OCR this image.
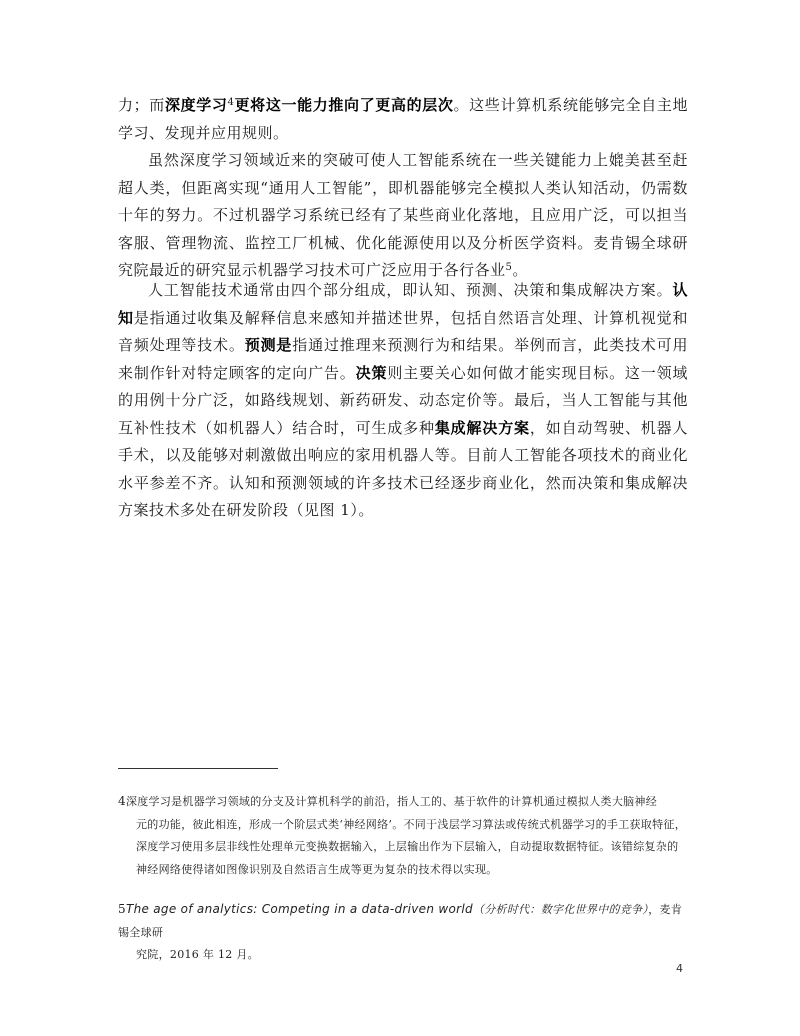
力；而深度学习$^4$更将这一能力推向了更高的层次。这些计算机系统能够完全自主地学习、发现并应用规则。

虽然深度学习领域近来的突破可使人工智能系统在一些关键能力上媲美甚至赶超人类，但距离实现“通用人工智能”，即机器能够完全模拟人类认知活动，仍需数十年的努力。不过机器学习系统已经有了某些商业化落地，且应用广泛，可以担当客服、管理物流、监控工厂机械、优化能源使用以及分析医学资料。麦肯锡全球研究院最近的研究显示机器学习技术可广泛应用于各行各业$^5$。

人工智能技术通常由四个部分组成，即认知、预测、决策和集成解决方案。认知是指通过收集及解释信息来感知并描述世界，包括自然语言处理、计算机视觉和音频处理等技术。预测是指通过推理来预测行为和结果。举例而言，此类技术可用来制作针对特定顾客的定向广告。决策则主要关心如何做才能实现目标。这一领域的用例十分广泛，如路线规划、新药研发、动态定价等。最后，当人工智能与其他互补性技术（如机器人）结合时，可生成多种集成解决方案，如自动驾驶、机器人手术，以及能够对刺激做出响应的家用机器人等。目前人工智能各项技术的商业化水平参差不齐。认知和预测领域的许多技术已经逐步商业化，然而决策和集成解决方案技术多处在研发阶段（见图 1）。

4深度学习是机器学习领域的分支及计算机科学的前沿，指人工的、基于软件的计算机通过模拟人类大脑神经
元的功能，彼此相连，形成一个阶层式类‘神经网络’。不同于浅层学习算法或传统式机器学习的手工获取特征，深度学习使用多层非线性处理单元变换数据输入，上层输出作为下层输入，自动提取数据特征。该错综复杂的神经网络使得诸如图像识别及自然语言生成等更为复杂的技术得以实现。

5The age of analytics: Competing in a data-driven world（分析时代：数字化世界中的竞争），麦肯锡全球研
究院，2016 年 12 月。

4
